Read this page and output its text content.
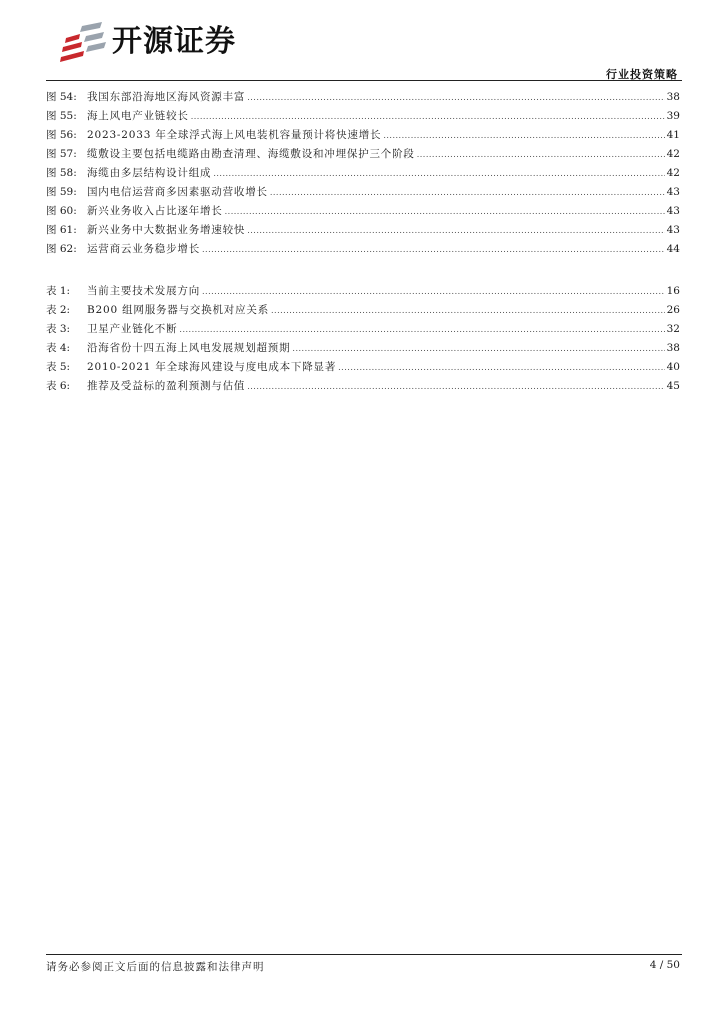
开源证券
行业投资策略
图 54: 我国东部沿海地区海风资源丰富 .....	38
图 55: 海上风电产业链较长 .....	39
图 56: 2023-2033 年全球浮式海上风电装机容量预计将快速增长 .....	41
图 57: 缆敷设主要包括电缆路由勘查清理、海缆敷设和冲埋保护三个阶段 .....	42
图 58: 海缆由多层结构设计组成 .....	42
图 59: 国内电信运营商多因素驱动营收增长 .....	43
图 60: 新兴业务收入占比逐年增长 .....	43
图 61: 新兴业务中大数据业务增速较快 .....	43
图 62: 运营商云业务稳步增长 .....	44
表 1:	当前主要技术发展方向 .....	16
表 2:	B200 组网服务器与交换机对应关系 .....	26
表 3:	卫星产业链化不断 .....	32
表 4:	沿海省份十四五海上风电发展规划超预期 .....	38
表 5:	2010-2021 年全球海风建设与度电成本下降显著 .....	40
表 6:	推荐及受益标的盈利预测与估值 .....	45
请务必参阅正文后面的信息披露和法律声明	4 / 50
